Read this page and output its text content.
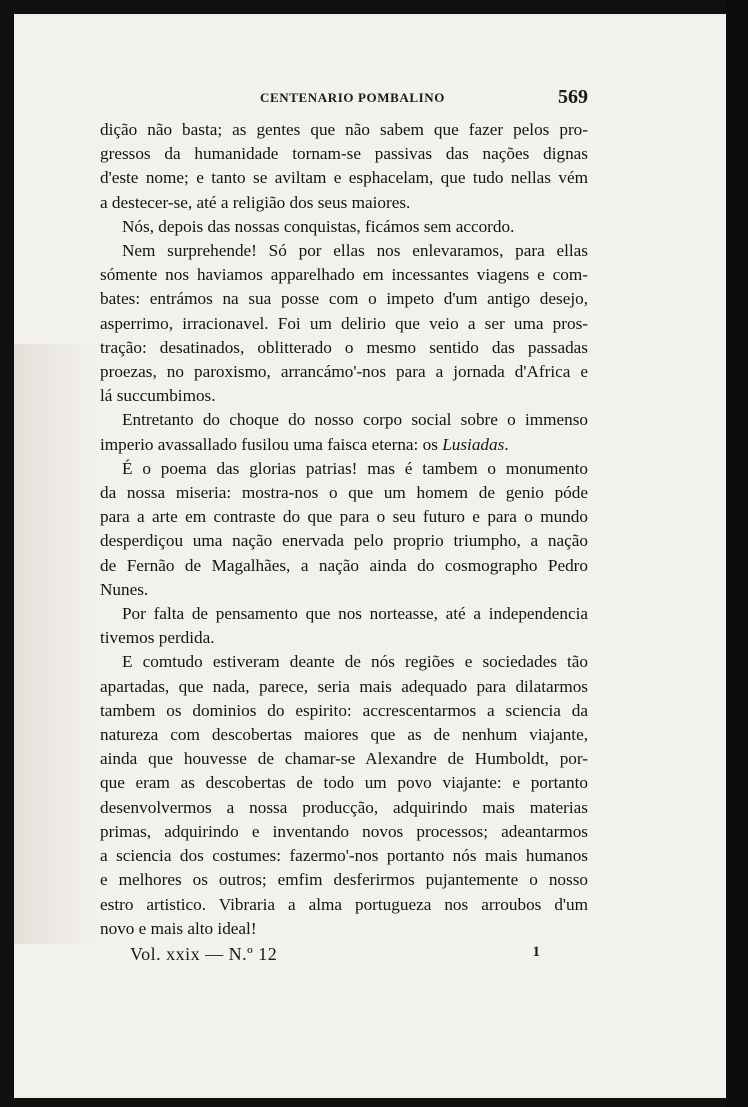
CENTENARIO POMBALINO	569
dição não basta; as gentes que não sabem que fazer pelos pro-
gressos da humanidade tornam-se passivas das nações dignas
d'este nome; e tanto se aviltam e esphacelam, que tudo nellas vém
a destecer-se, até a religião dos seus maiores.
Nós, depois das nossas conquistas, ficámos sem accordo.
Nem surprehende! Só por ellas nos enlevaramos, para ellas
sómente nos haviamos apparelhado em incessantes viagens e com-
bates: entrámos na sua posse com o impeto d'um antigo desejo,
asperrimo, irracionavel. Foi um delirio que veio a ser uma pros-
tração: desatinados, oblitterado o mesmo sentido das passadas
proezas, no paroxismo, arrancámo'-nos para a jornada d'Africa e
lá succumbimos.
Entretanto do choque do nosso corpo social sobre o immenso
imperio avassallado fusilou uma faisca eterna: os Lusiadas.
É o poema das glorias patrias! mas é tambem o monumento
da nossa miseria: mostra-nos o que um homem de genio póde
para a arte em contraste do que para o seu futuro e para o mundo
desperdiçou uma nação enervada pelo proprio triumpho, a nação
de Fernão de Magalhães, a nação ainda do cosmographo Pedro
Nunes.
Por falta de pensamento que nos norteasse, até a independencia
tivemos perdida.
E comtudo estiveram deante de nós regiões e sociedades tão
apartadas, que nada, parece, seria mais adequado para dilatarmos
tambem os dominios do espirito: accrescentarmos a sciencia da
natureza com descobertas maiores que as de nenhum viajante,
ainda que houvesse de chamar-se Alexandre de Humboldt, por-
que eram as descobertas de todo um povo viajante: e portanto
desenvolvermos a nossa producção, adquirindo mais materias
primas, adquirindo e inventando novos processos; adeantarmos
a sciencia dos costumes: fazermo'-nos portanto nós mais humanos
e melhores os outros; emfim desferirmos pujantemente o nosso
estro artistico. Vibraria a alma portugueza nos arroubos d'um
novo e mais alto ideal!
Vol. xxix — N.º 12	1
